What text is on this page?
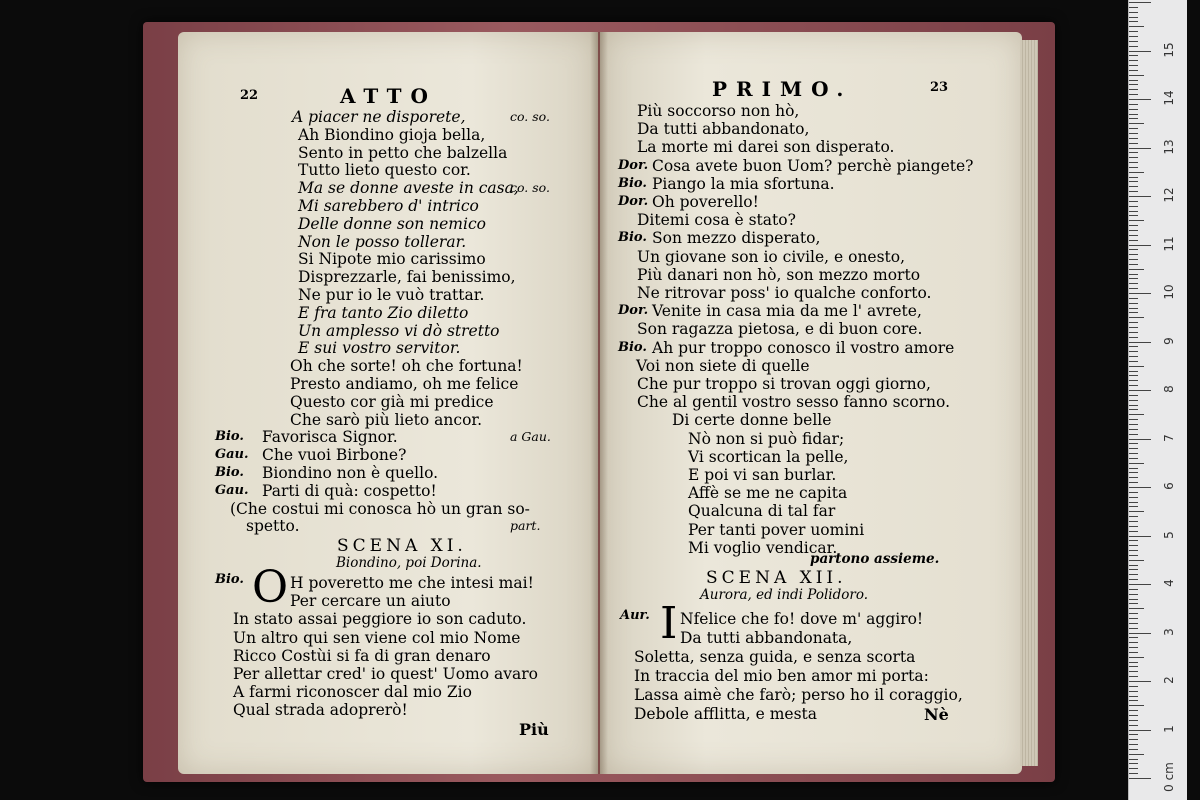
22	ATTO	PRIMO.	23
A piacer ne disporete,	co. so.
Ah Biondino gioja bella,
Sento in petto che balzella
Tutto lieto questo cor.
Ma se donne aveste in casa,
co. so.
Mi sarebbero d' intrico
Delle donne son nemico
Non le posso tollerar.
Si Nipote mio carissimo
Disprezzarle, fai benissimo,
Ne pur io le vuò trattar.
E fra tanto Zio diletto
Un amplesso vi dò stretto
E sui vostro servitor.
Oh che sorte! oh che fortuna!
Presto andiamo, oh me felice
Questo cor già mi predice
Che sarò più lieto ancor.
Bio. Favorisca Signor.	a Gau.
Gau. Che vuoi Birbone?
Bio. Biondino non è quello.
Gau. Parti di quà: cospetto!
(Che costui mi conosca hò un gran so-
spetto.	part.
Più soccorso non hò,
Da tutti abbandonato,
La morte mi darei son disperato.
Dor. Cosa avete buon Uom? perchè piangete?
Bio. Piango la mia sfortuna.
Dor. Oh poverello!
Ditemi cosa è stato?
Bio. Son mezzo disperato,
Un giovane son io civile, e onesto,
Più danari non hò, son mezzo morto
Ne ritrovar poss' io qualche conforto.
Dor. Venite in casa mia da me l' avrete,
Son ragazza pietosa, e di buon core.
Bio. Ah pur troppo conosco il vostro amore
Voi non siete di quelle
Che pur troppo si trovan oggi giorno,
Che al gentil vostro sesso fanno scorno.
Di certe donne belle
Nò non si può fidar;
Vi scortican la pelle,
E poi vi san burlar.
Affè se me ne capita
Qualcuna di tal far
Per tanti pover uomini
Mi voglio vendicar.
SCENA XI.
Biondino, poi Dorina.
Bio. O H poveretto me che intesi mai!
Per cercare un aiuto
In stato assai peggiore io son caduto.
Un altro qui sen viene col mio Nome
Ricco Costùi si fa di gran denaro
Per allettar cred' io quest' Uomo avaro
A farmi riconoscer dal mio Zio
Qual strada adoprerò!
Più
partono assieme.
SCENA XII.
Aurora, ed indi Polidoro.
Aur. I Nfelice che fo! dove m' aggiro!
Da tutti abbandonata,
Soletta, senza guida, e senza scorta
In traccia del mio ben amor mi porta:
Lassa aimè che farò; perso ho il coraggio,
Debole afflitta, e mesta	Nè
0 cm
1
2
3
4
5
6
7
8
9
10
11
12
13
14
15
